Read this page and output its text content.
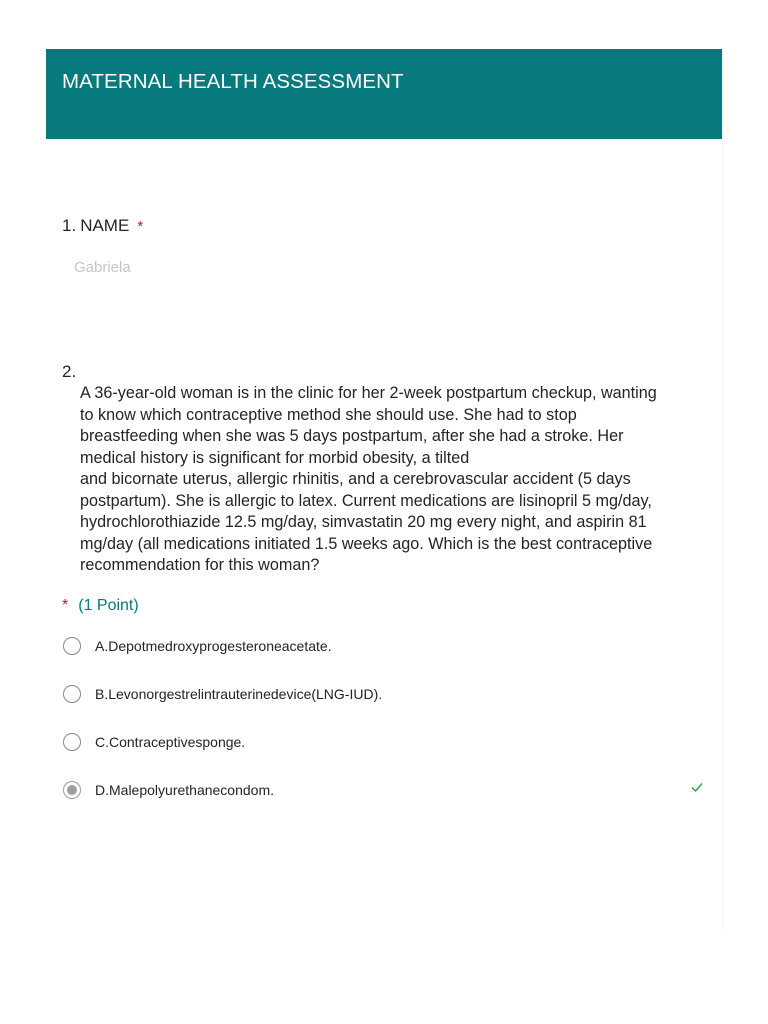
MATERNAL HEALTH ASSESSMENT
1. NAME *
Gabriela
2.
A 36-year-old woman is in the clinic for her 2-week postpartum checkup, wanting
to know which contraceptive method she should use. She had to stop
breastfeeding when she was 5 days postpartum, after she had a stroke. Her
medical history is significant for morbid obesity, a tilted
and bicornate uterus, allergic rhinitis, and a cerebrovascular accident (5 days
postpartum). She is allergic to latex. Current medications are lisinopril 5 mg/day,
hydrochlorothiazide 12.5 mg/day, simvastatin 20 mg every night, and aspirin 81
mg/day (all medications initiated 1.5 weeks ago. Which is the best contraceptive
recommendation for this woman?
* (1 Point)
A.Depotmedroxyprogesteroneacetate.
B.Levonorgestrelintrauterinedevice(LNG-IUD).
C.Contraceptivesponge.
D.Malepolyurethanecondom.
